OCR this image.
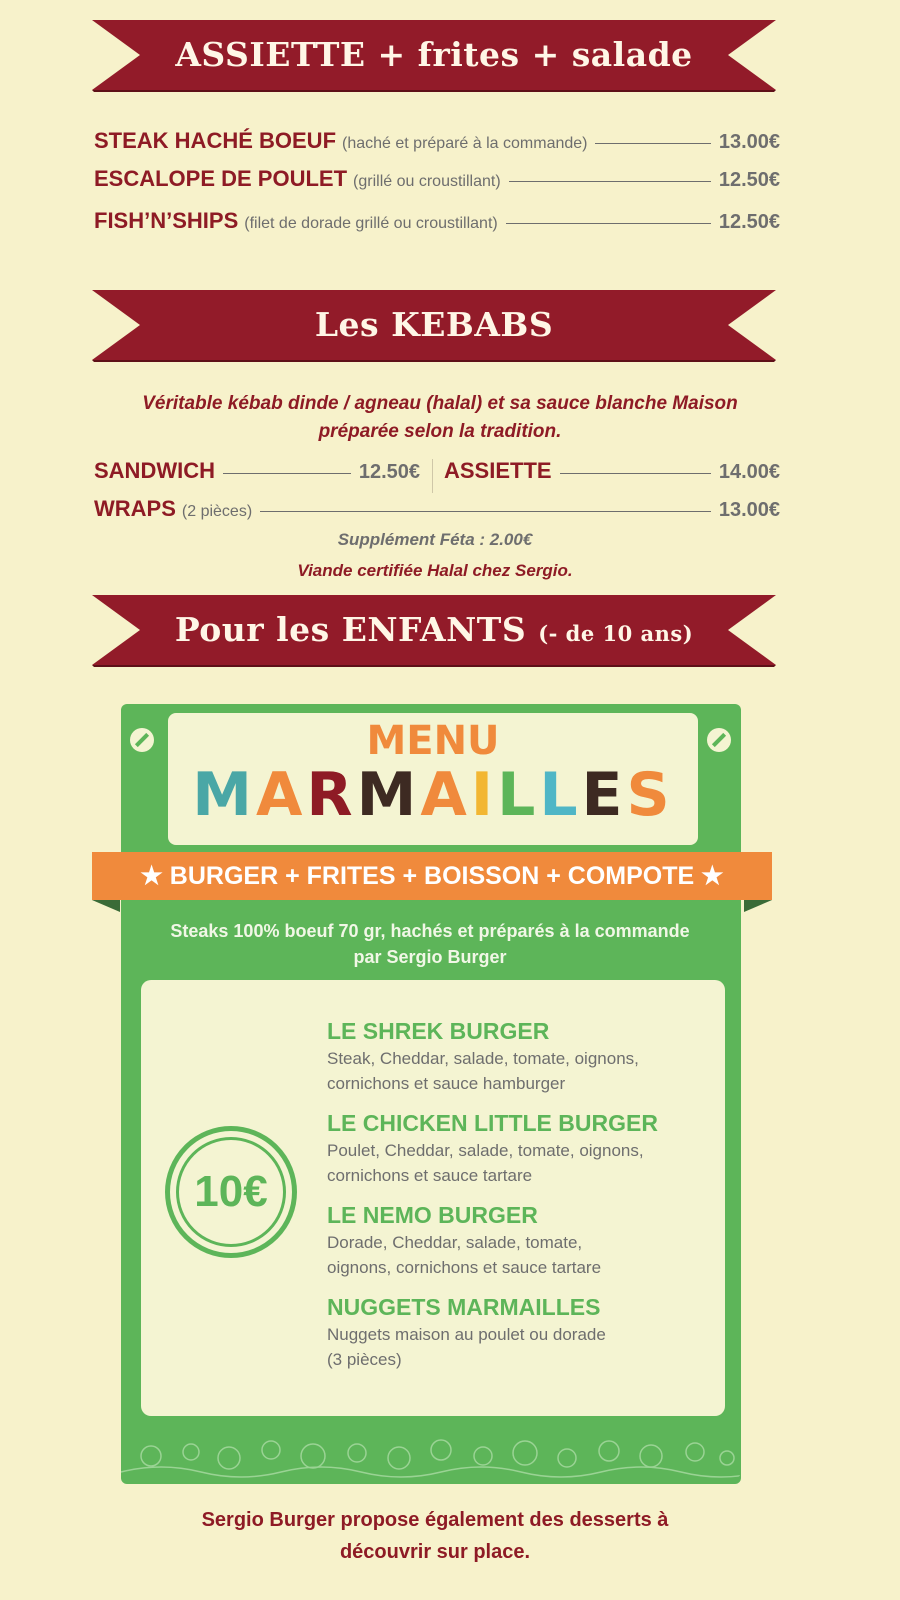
ASSIETTE + frites + salade
STEAK HACHÉ BOEUF (haché et préparé à la commande)	13.00€
ESCALOPE DE POULET (grillé ou croustillant)	12.50€
FISH’N’SHIPS (filet de dorade grillé ou croustillant)	12.50€
Les KEBABS
Véritable kébab dinde / agneau (halal) et sa sauce blanche Maison
préparée selon la tradition.
SANDWICH	12.50€ ASSIETTE	14.00€
WRAPS (2 pièces)	13.00€
Supplément Féta : 2.00€
Viande certifiée Halal chez Sergio.
Pour les ENFANTS (- de 10 ans)
MENU
MARMAILLES
★ BURGER + FRITES + BOISSON + COMPOTE ★
Steaks 100% boeuf 70 gr, hachés et préparés à la commande
par Sergio Burger
10€
LE SHREK BURGER
Steak, Cheddar, salade, tomate, oignons,
cornichons et sauce hamburger
LE CHICKEN LITTLE BURGER
Poulet, Cheddar, salade, tomate, oignons,
cornichons et sauce tartare
LE NEMO BURGER
Dorade, Cheddar, salade, tomate,
oignons, cornichons et sauce tartare
NUGGETS MARMAILLES
Nuggets maison au poulet ou dorade
(3 pièces)
Sergio Burger propose également des desserts à
découvrir sur place.
